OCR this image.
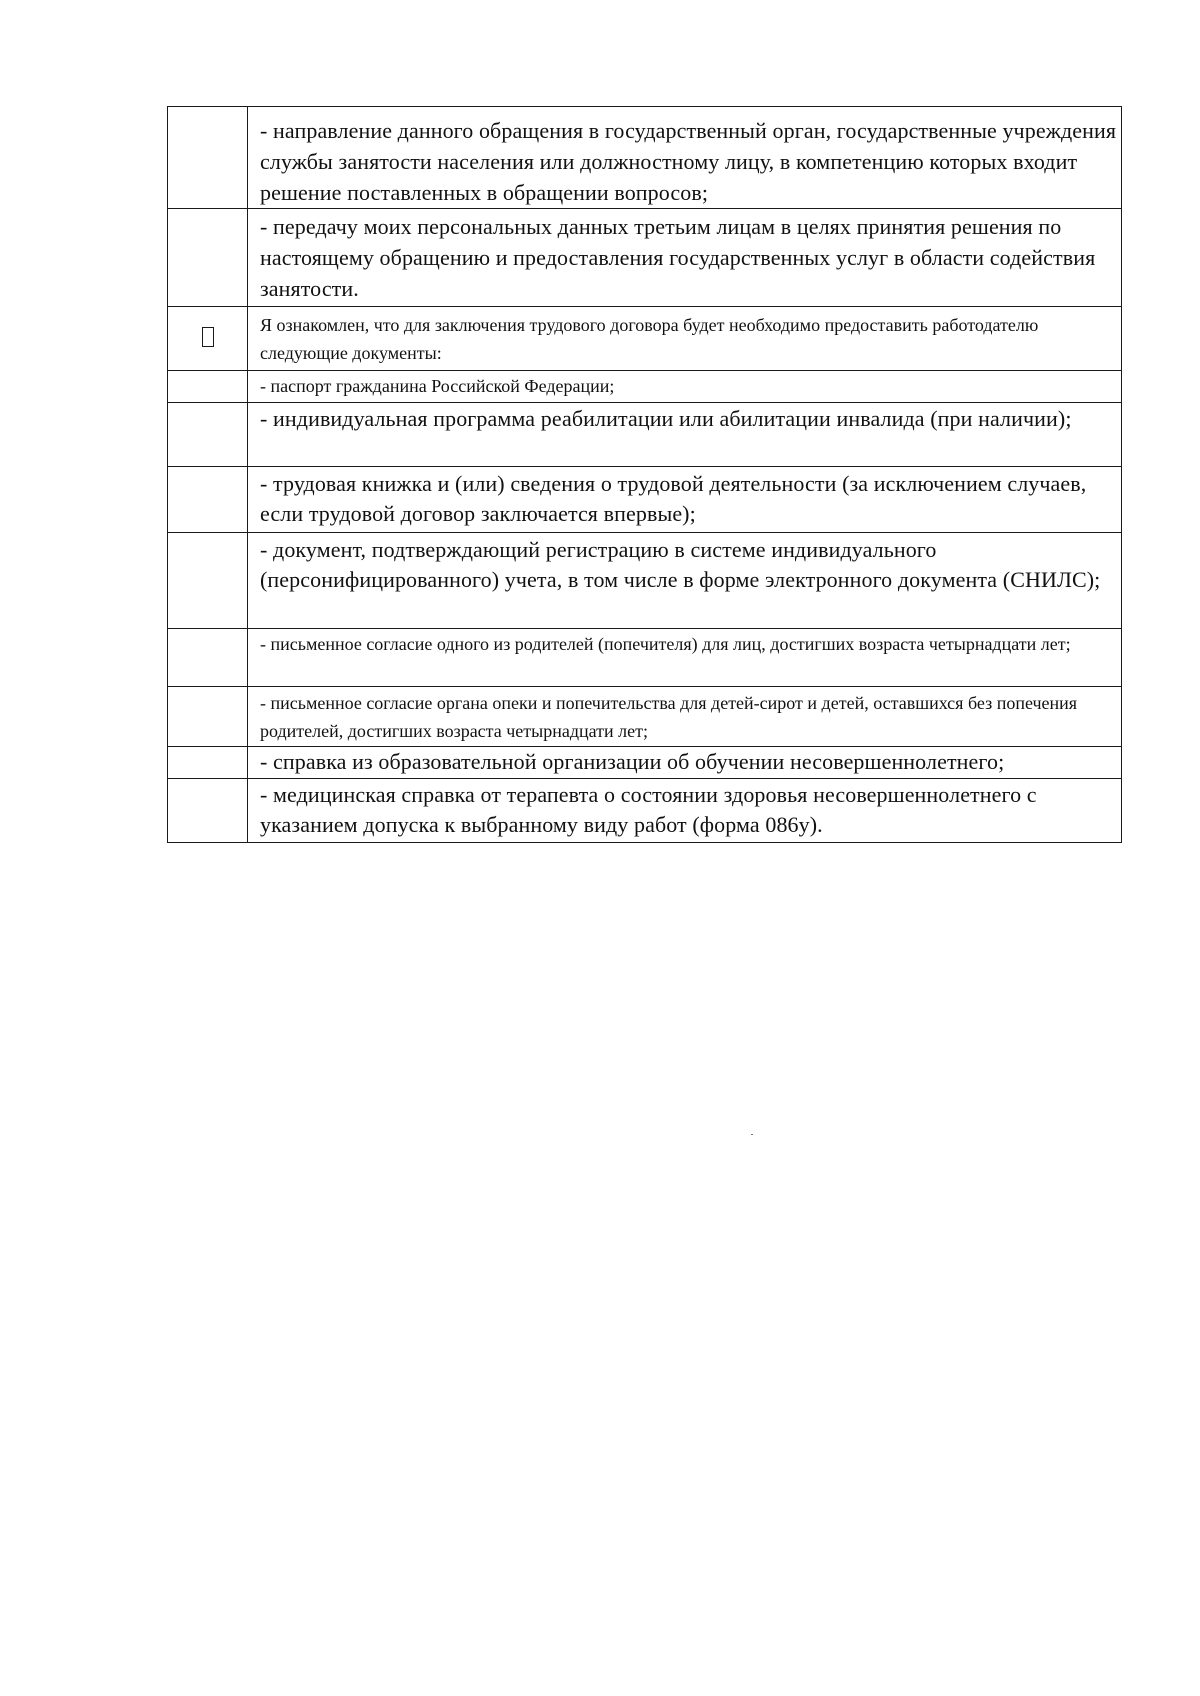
	- направление данного обращения в государственный орган, государственные учреждения службы занятости населения или должностному лицу, в компетенцию которых входит решение поставленных в обращении вопросов;

	- передачу моих персональных данных третьим лицам в целях принятия решения по настоящему обращению и предоставления государственных услуг в области содействия занятости.

	Я ознакомлен, что для заключения трудового договора будет необходимо предоставить работодателю следующие документы:

	- паспорт гражданина Российской Федерации;

	- индивидуальная программа реабилитации или абилитации инвалида (при наличии);

	- трудовая книжка и (или) сведения о трудовой деятельности (за исключением случаев, если трудовой договор заключается впервые);

	- документ, подтверждающий регистрацию в системе индивидуального (персонифицированного) учета, в том числе в форме электронного документа (СНИЛС);

	- письменное согласие одного из родителей (попечителя) для лиц, достигших возраста четырнадцати лет;

	- письменное согласие органа опеки и попечительства для детей-сирот и детей, оставшихся без попечения родителей, достигших возраста четырнадцати лет;

	- справка из образовательной организации об обучении несовершеннолетнего;

	- медицинская справка от терапевта о состоянии здоровья несовершеннолетнего с указанием допуска к выбранному виду работ (форма 086у).
